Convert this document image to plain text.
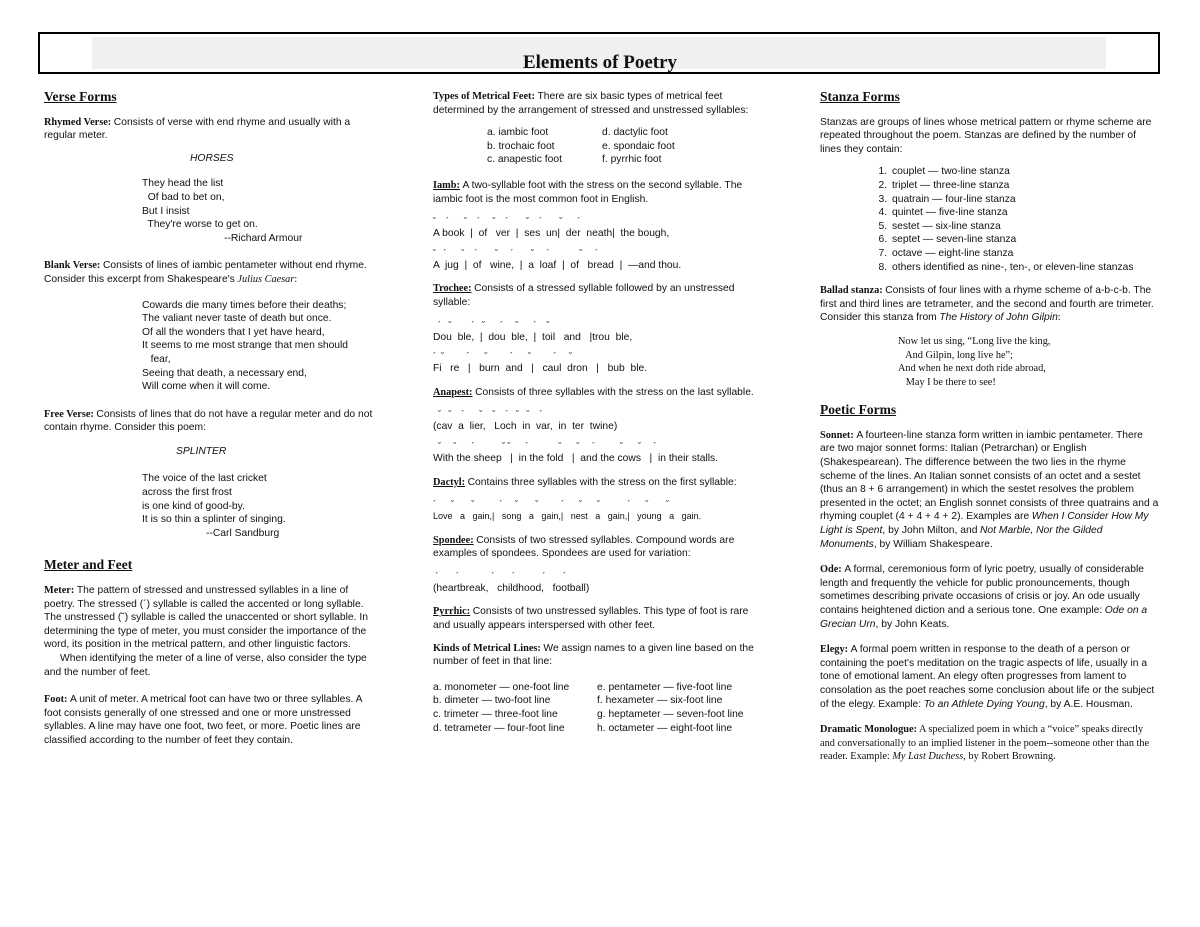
Elements of Poetry
Verse Forms

Rhymed Verse: Consists of verse with end rhyme and usually with a regular meter.

HORSES
They head the list
Of bad to bet on,
But I insist
They're worse to get on.
--Richard Armour

Blank Verse: Consists of lines of iambic pentameter without end rhyme. Consider this excerpt from Shakespeare's Julius Caesar:

Cowards die many times before their deaths;
The valiant never taste of death but once.
Of all the wonders that I yet have heard,
It seems to me most strange that men should
fear,
Seeing that death, a necessary end,
Will come when it will come.

Free Verse: Consists of lines that do not have a regular meter and do not contain rhyme. Consider this poem:

SPLINTER
The voice of the last cricket
across the first frost
is one kind of good-by.
It is so thin a splinter of singing.
--Carl Sandburg
Meter and Feet

Meter: The pattern of stressed and unstressed syllables in a line of poetry. The stressed (´) syllable is called the accented or long syllable. The unstressed (˘) syllable is called the unaccented or short syllable. In determining the type of meter, you must consider the importance of the word, its position in the metrical pattern, and other linguistic factors.

When identifying the meter of a line of verse, also consider the type and the number of feet.

Foot: A unit of meter. A metrical foot can have two or three syllables. A foot consists generally of one stressed and one or more unstressed syllables. A line may have one foot, two feet, or more. Poetic lines are classified according to the number of feet they contain.

Types of Metrical Feet: There are six basic types of metrical feet determined by the arrangement of stressed and unstressed syllables:

a. iambic foot	d. dactylic foot
b. trochaic foot	e. spondaic foot
c. anapestic foot	f. pyrrhic foot

Iamb: A two-syllable foot with the stress on the second syllable. The iambic foot is the most common foot in English.

˘    ´      ˘    ´     ˘    ´       ˘    ´       ˘      ´
A book  |  of   ver  |  ses  un|  der  neath|  the bough,
˘   ´      ˘    ´       ˘     ´       ˘     ´            ˘     ´
A  jug  |  of   wine,  |  a  loaf  |  of   bread  |  —and thou.

Trochee: Consists of a stressed syllable followed by an unstressed syllable:

´   ˘        ´   ˘      ´     ˘      ´    ˘
Dou  ble,  |  dou  ble,  |  toil   and   |trou  ble,
´  ˘         ´      ˘         ´      ˘         ´     ˘
Fi   re   |   burn  and   |   caul  dron   |   bub  ble.

Anapest: Consists of three syllables with the stress on the last syllable.

˘   ˘    ´      ˘    ˘    ´   ˘   ˘    ´
(cav  a  lier,   Loch  in  var,  in  ter  twine)
˘     ˘      ´           ˘ ˘      ´            ˘      ˘     ´          ˘      ˘     ´
With the sheep   |  in the fold   |  and the cows   |  in their stalls.

Dactyl: Contains three syllables with the stress on the first syllable:

´      ˘       ˘          ´     ˘       ˘         ´      ˘      ˘           ´      ˘       ˘
Love   a   gain,|   song   a   gain,|   nest   a   gain,|   young   a   gain.

Spondee: Consists of two stressed syllables. Compound words are examples of spondees. Spondees are used for variation:

´       ´             ´       ´           ´       ´
(heartbreak,   childhood,   football)

Pyrrhic: Consists of two unstressed syllables. This type of foot is rare and usually appears interspersed with other feet.

Kinds of Metrical Lines: We assign names to a given line based on the number of feet in that line:

a. monometer — one-foot line	e. pentameter — five-foot line
b. dimeter — two-foot line	f. hexameter — six-foot line
c. trimeter — three-foot line	g. heptameter — seven-foot line
d. tetrameter — four-foot line	h. octameter — eight-foot line
Stanza Forms

Stanzas are groups of lines whose metrical pattern or rhyme scheme are repeated throughout the poem. Stanzas are defined by the number of lines they contain:

1. couplet — two-line stanza
2. triplet — three-line stanza
3. quatrain — four-line stanza
4. quintet — five-line stanza
5. sestet — six-line stanza
6. septet — seven-line stanza
7. octave — eight-line stanza
8. others identified as nine-, ten-, or eleven-line stanzas

Ballad stanza: Consists of four lines with a rhyme scheme of a-b-c-b. The first and third lines are tetrameter, and the second and fourth are trimeter. Consider this stanza from The History of John Gilpin:

Now let us sing, “Long live the king,
And Gilpin, long live he”;
And when he next doth ride abroad,
May I be there to see!
Poetic Forms

Sonnet: A fourteen-line stanza form written in iambic pentameter. There are two major sonnet forms: Italian (Petrarchan) or English (Shakespearean). The difference between the two lies in the rhyme scheme of the lines. An Italian sonnet consists of an octet and a sestet (thus an 8 + 6 arrangement) in which the sestet resolves the problem presented in the octet; an English sonnet consists of three quatrains and a rhyming couplet (4 + 4 + 4 + 2). Examples are When I Consider How My Light is Spent, by John Milton, and Not Marble, Nor the Gilded Monuments, by William Shakespeare.

Ode: A formal, ceremonious form of lyric poetry, usually of considerable length and frequently the vehicle for public pronouncements, though sometimes describing private occasions of crisis or joy. An ode usually contains heightened diction and a serious tone. One example: Ode on a Grecian Urn, by John Keats.

Elegy: A formal poem written in response to the death of a person or containing the poet's meditation on the tragic aspects of life, usually in a tone of emotional lament. An elegy often progresses from lament to consolation as the poet reaches some conclusion about life or the subject of the elegy. Example: To an Athlete Dying Young, by A.E. Housman.

Dramatic Monologue: A specialized poem in which a “voice” speaks directly and conversationally to an implied listener in the poem--someone other than the reader. Example: My Last Duchess, by Robert Browning.
